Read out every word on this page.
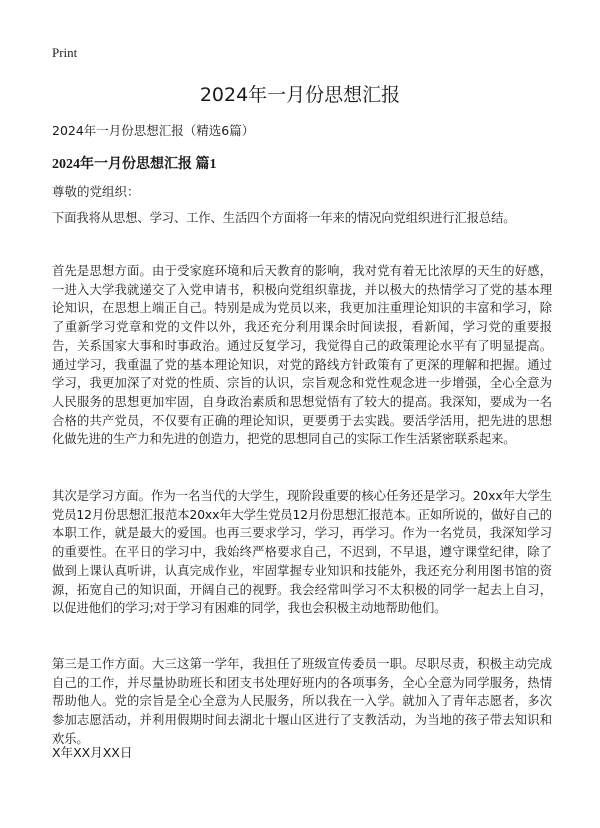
Print
2024年一月份思想汇报
2024年一月份思想汇报（精选6篇）
2024年一月份思想汇报 篇1
尊敬的党组织：

下面我将从思想、学习、工作、生活四个方面将一年来的情况向党组织进行汇报总结。

首先是思想方面。由于受家庭环境和后天教育的影响，我对党有着无比浓厚的天生的好感，一进入大学我就递交了入党申请书，积极向党组织靠拢，并以极大的热情学习了党的基本理论知识，在思想上端正自己。特别是成为党员以来，我更加注重理论知识的丰富和学习，除了重新学习党章和党的文件以外，我还充分利用课余时间读报，看新闻，学习党的重要报告，关系国家大事和时事政治。通过反复学习，我觉得自己的政策理论水平有了明显提高。通过学习，我重温了党的基本理论知识，对党的路线方针政策有了更深的理解和把握。通过学习，我更加深了对党的性质、宗旨的认识，宗旨观念和党性观念进一步增强，全心全意为人民服务的思想更加牢固，自身政治素质和思想觉悟有了较大的提高。我深知，要成为一名合格的共产党员，不仅要有正确的理论知识，更要勇于去实践。要活学活用，把先进的思想化做先进的生产力和先进的创造力，把党的思想同自己的实际工作生活紧密联系起来。

其次是学习方面。作为一名当代的大学生，现阶段重要的核心任务还是学习。20xx年大学生党员12月份思想汇报范本20xx年大学生党员12月份思想汇报范本。正如所说的，做好自己的本职工作，就是最大的爱国。也再三要求学习，学习，再学习。作为一名党员，我深知学习的重要性。在平日的学习中，我始终严格要求自己，不迟到，不早退，遵守课堂纪律，除了做到上课认真听讲，认真完成作业，牢固掌握专业知识和技能外，我还充分利用图书馆的资源，拓宽自己的知识面，开阔自己的视野。我会经常叫学习不太积极的同学一起去上自习，以促进他们的学习;对于学习有困难的同学，我也会积极主动地帮助他们。

第三是工作方面。大三这第一学年，我担任了班级宣传委员一职。尽职尽责，积极主动完成自己的工作，并尽量协助班长和团支书处理好班内的各项事务，全心全意为同学服务，热情帮助他人。党的宗旨是全心全意为人民服务，所以我在一入学。就加入了青年志愿者，多次参加志愿活动，并利用假期时间去湖北十堰山区进行了支教活动，为当地的孩子带去知识和欢乐。

X年XX月XX日
